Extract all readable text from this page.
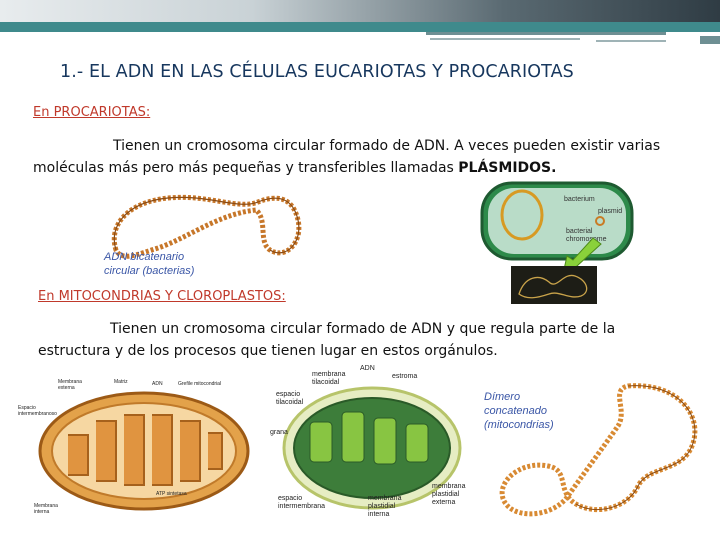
1.- EL ADN EN LAS CÉLULAS EUCARIOTAS Y PROCARIOTAS
En PROCARIOTAS:
Tienen un cromosoma circular formado de ADN. A veces pueden existir varias moléculas más pero más pequeñas y transferibles llamadas PLÁSMIDOS.
ADN bicatenario
circular (bacterias)
bacterium
plasmid
bacterial
chromosome
En MITOCONDRIAS Y CLOROPLASTOS:
Tienen un cromosoma circular formado de ADN y que regula parte de la estructura y de los procesos que tienen lugar en estos orgánulos.
Membrana
externa
Matriz	ADN	Grefile mitocondrial
Espacio
intermembranoso
ATP sintetasa
Membrana
interna
ADN
estroma
membrana
tilacoidal
espacio
tilacoidal
grana
espacio
intermembrana
membrana
plastidial
interna
membrana
plastidial
externa
Dímero
concatenado
(mitocondrias)
